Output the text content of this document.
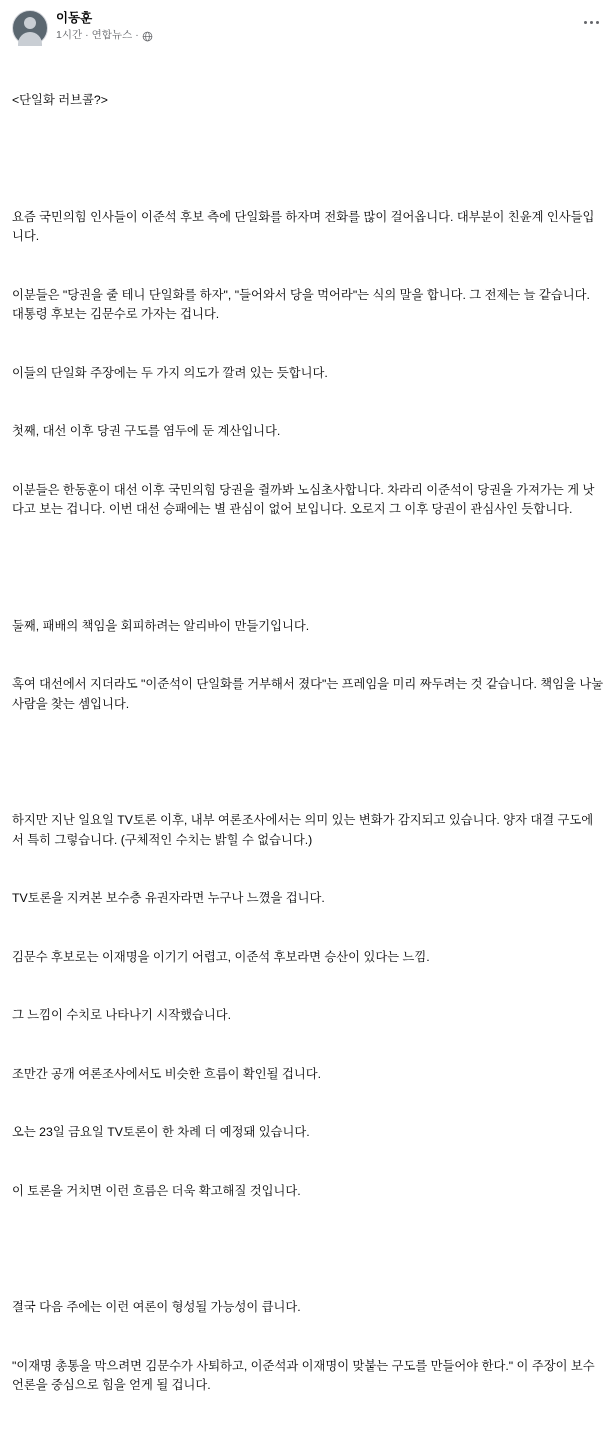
이동훈
1시간 · 연합뉴스 ·

<단일화 러브콜?>

요즘 국민의힘 인사들이 이준석 후보 측에 단일화를 하자며 전화를 많이 걸어옵니다. 대부분이 친윤계 인사들입니다.

이분들은 "당권을 줄 테니 단일화를 하자", "들어와서 당을 먹어라"는 식의 말을 합니다. 그 전제는 늘 같습니다. 대통령 후보는 김문수로 가자는 겁니다.

이들의 단일화 주장에는 두 가지 의도가 깔려 있는 듯합니다.

첫째, 대선 이후 당권 구도를 염두에 둔 계산입니다.

이분들은 한동훈이 대선 이후 국민의힘 당권을 쥘까봐 노심초사합니다. 차라리 이준석이 당권을 가져가는 게 낫다고 보는 겁니다. 이번 대선 승패에는 별 관심이 없어 보입니다. 오로지 그 이후 당권이 관심사인 듯합니다.

둘째, 패배의 책임을 회피하려는 알리바이 만들기입니다.

혹여 대선에서 지더라도 "이준석이 단일화를 거부해서 졌다"는 프레임을 미리 짜두려는 것 같습니다. 책임을 나눌 사람을 찾는 셈입니다.

하지만 지난 일요일 TV토론 이후, 내부 여론조사에서는 의미 있는 변화가 감지되고 있습니다. 양자 대결 구도에서 특히 그렇습니다. (구체적인 수치는 밝힐 수 없습니다.)

TV토론을 지켜본 보수층 유권자라면 누구나 느꼈을 겁니다.

김문수 후보로는 이재명을 이기기 어렵고, 이준석 후보라면 승산이 있다는 느낌.

그 느낌이 수치로 나타나기 시작했습니다.

조만간 공개 여론조사에서도 비슷한 흐름이 확인될 겁니다.

오는 23일 금요일 TV토론이 한 차례 더 예정돼 있습니다.

이 토론을 거치면 이런 흐름은 더욱 확고해질 것입니다.

결국 다음 주에는 이런 여론이 형성될 가능성이 큽니다.

"이재명 총통을 막으려면 김문수가 사퇴하고, 이준석과 이재명이 맞붙는 구도를 만들어야 한다." 이 주장이 보수 언론을 중심으로 힘을 얻게 될 겁니다.
